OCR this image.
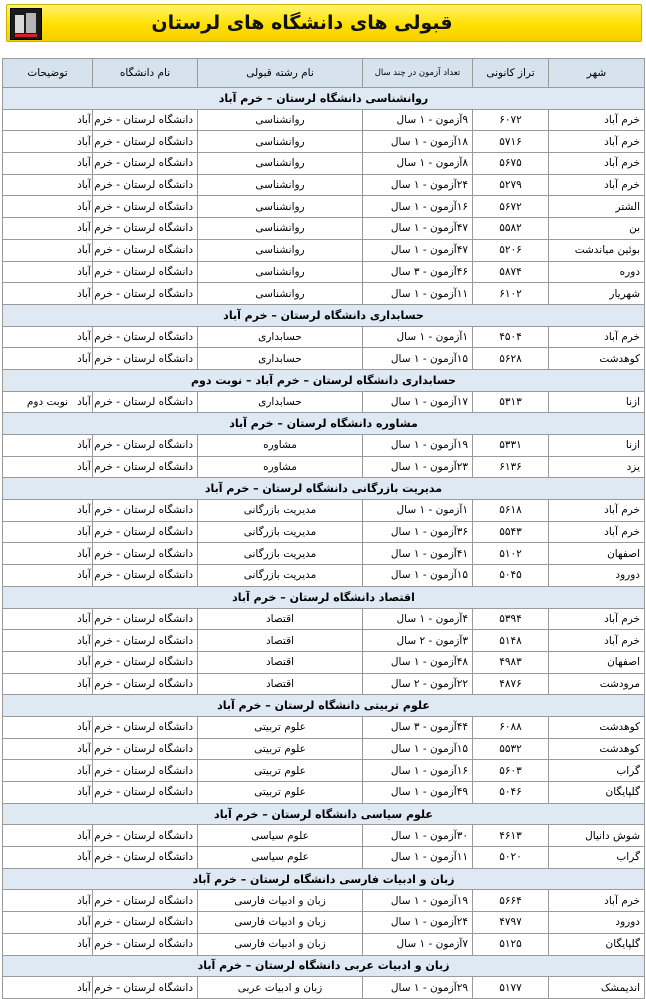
قبولی های دانشگاه های لرستان
شهر	تراز کانونی	تعداد آزمون در چند سال	نام رشته قبولی	نام دانشگاه	توضیحات
روانشناسی دانشگاه لرستان – خرم آباد					
خرم آباد	۶۰۷۲	۹آزمون - ۱ سال	روانشناسی	دانشگاه لرستان - خرم آباد	
خرم آباد	۵۷۱۶	۱۸آزمون - ۱ سال	روانشناسی	دانشگاه لرستان - خرم آباد	
خرم آباد	۵۶۷۵	۸آزمون - ۱ سال	روانشناسی	دانشگاه لرستان - خرم آباد	
خرم آباد	۵۲۷۹	۲۴آزمون - ۱ سال	روانشناسی	دانشگاه لرستان - خرم آباد	
الشتر	۵۶۷۲	۱۶آزمون - ۱ سال	روانشناسی	دانشگاه لرستان - خرم آباد	
بن	۵۵۸۲	۴۷آزمون - ۱ سال	روانشناسی	دانشگاه لرستان - خرم آباد	
بوئین میاندشت	۵۲۰۶	۴۷آزمون - ۱ سال	روانشناسی	دانشگاه لرستان - خرم آباد	
دوره	۵۸۷۴	۴۶آزمون - ۳ سال	روانشناسی	دانشگاه لرستان - خرم آباد	
شهریار	۶۱۰۲	۱۱آزمون - ۱ سال	روانشناسی	دانشگاه لرستان - خرم آباد	
حسابداری دانشگاه لرستان – خرم آباد					
خرم آباد	۴۵۰۴	۱آزمون - ۱ سال	حسابداری	دانشگاه لرستان - خرم آباد	
کوهدشت	۵۶۲۸	۱۵آزمون - ۱ سال	حسابداری	دانشگاه لرستان - خرم آباد	
حسابداری دانشگاه لرستان – خرم آباد – نوبت دوم					
ازنا	۵۳۱۳	۱۷آزمون - ۱ سال	حسابداری	دانشگاه لرستان - خرم آباد	نوبت دوم
مشاوره دانشگاه لرستان – خرم آباد					
ازنا	۵۳۳۱	۱۹آزمون - ۱ سال	مشاوره	دانشگاه لرستان - خرم آباد	
یزد	۶۱۳۶	۲۳آزمون - ۱ سال	مشاوره	دانشگاه لرستان - خرم آباد	
مدیریت بازرگانی دانشگاه لرستان – خرم آباد					
خرم آباد	۵۶۱۸	۱آزمون - ۱ سال	مدیریت بازرگانی	دانشگاه لرستان - خرم آباد	
خرم آباد	۵۵۴۳	۳۶آزمون - ۱ سال	مدیریت بازرگانی	دانشگاه لرستان - خرم آباد	
اصفهان	۵۱۰۲	۴۱آزمون - ۱ سال	مدیریت بازرگانی	دانشگاه لرستان - خرم آباد	
دورود	۵۰۴۵	۱۵آزمون - ۱ سال	مدیریت بازرگانی	دانشگاه لرستان - خرم آباد	
اقتصاد دانشگاه لرستان – خرم آباد					
خرم آباد	۵۳۹۴	۴آزمون - ۱ سال	اقتصاد	دانشگاه لرستان - خرم آباد	
خرم آباد	۵۱۴۸	۳آزمون - ۲ سال	اقتصاد	دانشگاه لرستان - خرم آباد	
اصفهان	۴۹۸۳	۴۸آزمون - ۱ سال	اقتصاد	دانشگاه لرستان - خرم آباد	
مرودشت	۴۸۷۶	۲۲آزمون - ۲ سال	اقتصاد	دانشگاه لرستان - خرم آباد	
علوم تربیتی دانشگاه لرستان – خرم آباد					
کوهدشت	۶۰۸۸	۴۴آزمون - ۳ سال	علوم تربیتی	دانشگاه لرستان - خرم آباد	
کوهدشت	۵۵۳۲	۱۵آزمون - ۱ سال	علوم تربیتی	دانشگاه لرستان - خرم آباد	
گراب	۵۶۰۳	۱۶آزمون - ۱ سال	علوم تربیتی	دانشگاه لرستان - خرم آباد	
گلپایگان	۵۰۴۶	۴۹آزمون - ۱ سال	علوم تربیتی	دانشگاه لرستان - خرم آباد	
علوم سیاسی دانشگاه لرستان – خرم آباد					
شوش دانیال	۴۶۱۳	۳۰آزمون - ۱ سال	علوم سیاسی	دانشگاه لرستان - خرم آباد	
گراب	۵۰۲۰	۱۱آزمون - ۱ سال	علوم سیاسی	دانشگاه لرستان - خرم آباد	
زبان و ادبیات فارسی دانشگاه لرستان – خرم آباد					
خرم آباد	۵۶۶۴	۱۹آزمون - ۱ سال	زبان و ادبیات فارسی	دانشگاه لرستان - خرم آباد	
دورود	۴۷۹۷	۲۴آزمون - ۱ سال	زبان و ادبیات فارسی	دانشگاه لرستان - خرم آباد	
گلپایگان	۵۱۲۵	۷آزمون - ۱ سال	زبان و ادبیات فارسی	دانشگاه لرستان - خرم آباد	
زبان و ادبیات عربی دانشگاه لرستان – خرم آباد					
اندیمشک	۵۱۷۷	۲۹آزمون - ۱ سال	زبان و ادبیات عربی	دانشگاه لرستان - خرم آباد	
